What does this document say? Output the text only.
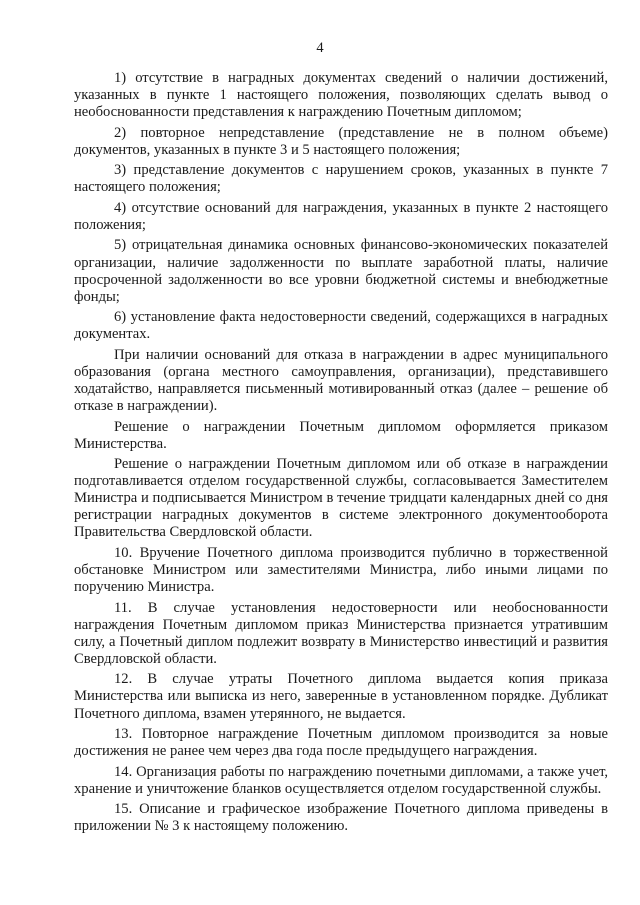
4

1) отсутствие в наградных документах сведений о наличии достижений, указанных в пункте 1 настоящего положения, позволяющих сделать вывод о необоснованности представления к награждению Почетным дипломом;

2) повторное непредставление (представление не в полном объеме) документов, указанных в пункте 3 и 5 настоящего положения;

3) представление документов с нарушением сроков, указанных в пункте 7 настоящего положения;

4) отсутствие оснований для награждения, указанных в пункте 2 настоящего положения;

5) отрицательная динамика основных финансово-экономических показателей организации, наличие задолженности по выплате заработной платы, наличие просроченной задолженности во все уровни бюджетной системы и внебюджетные фонды;

6) установление факта недостоверности сведений, содержащихся в наградных документах.

При наличии оснований для отказа в награждении в адрес муниципального образования (органа местного самоуправления, организации), представившего ходатайство, направляется письменный мотивированный отказ (далее – решение об отказе в награждении).

Решение о награждении Почетным дипломом оформляется приказом Министерства.

Решение о награждении Почетным дипломом или об отказе в награждении подготавливается отделом государственной службы, согласовывается Заместителем Министра и подписывается Министром в течение тридцати календарных дней со дня регистрации наградных документов в системе электронного документооборота Правительства Свердловской области.

10. Вручение Почетного диплома производится публично в торжественной обстановке Министром или заместителями Министра, либо иными лицами по поручению Министра.

11. В случае установления недостоверности или необоснованности награждения Почетным дипломом приказ Министерства признается утратившим силу, а Почетный диплом подлежит возврату в Министерство инвестиций и развития Свердловской области.

12. В случае утраты Почетного диплома выдается копия приказа Министерства или выписка из него, заверенные в установленном порядке. Дубликат Почетного диплома, взамен утерянного, не выдается.

13. Повторное награждение Почетным дипломом производится за новые достижения не ранее чем через два года после предыдущего награждения.

14. Организация работы по награждению почетными дипломами, а также учет, хранение и уничтожение бланков осуществляется отделом государственной службы.

15. Описание и графическое изображение Почетного диплома приведены в приложении № 3 к настоящему положению.
